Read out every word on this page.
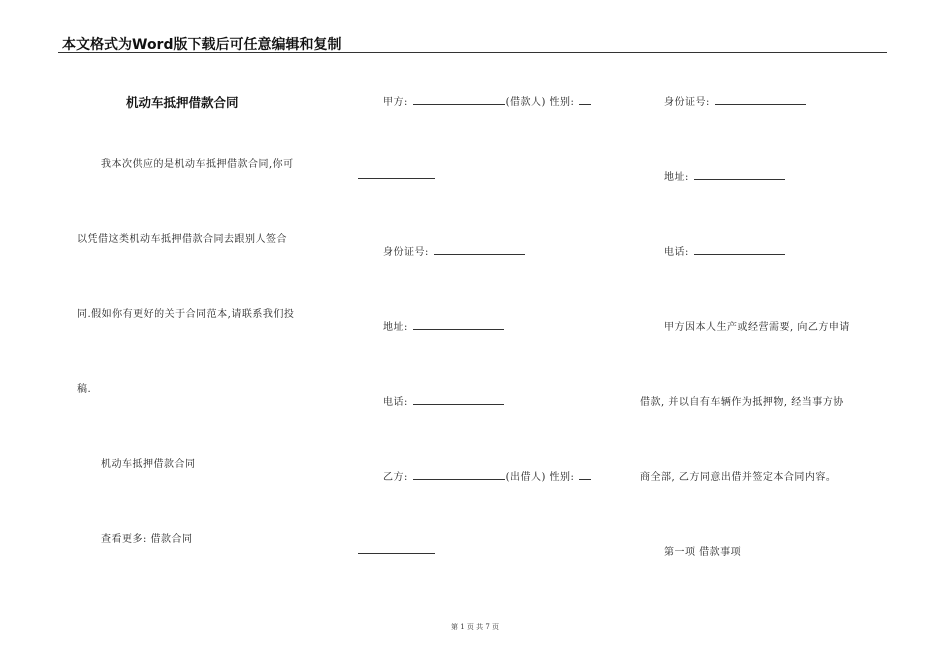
本文格式为Word版下载后可任意编辑和复制
机动车抵押借款合同
我本次供应的是机动车抵押借款合同,你可
以凭借这类机动车抵押借款合同去跟别人签合
同.假如你有更好的关于合同范本,请联系我们投
稿.
机动车抵押借款合同
查看更多: 借款合同
甲方:	(借款人) 性别:
身份证号:
地址:
电话:
乙方:	(出借人) 性别:
身份证号:
地址:
电话:
甲方因本人生产或经营需要, 向乙方申请
借款, 并以自有车辆作为抵押物, 经当事方协
商全部, 乙方同意出借并签定本合同内容。
第一项 借款事项
第 1 页 共 7 页
